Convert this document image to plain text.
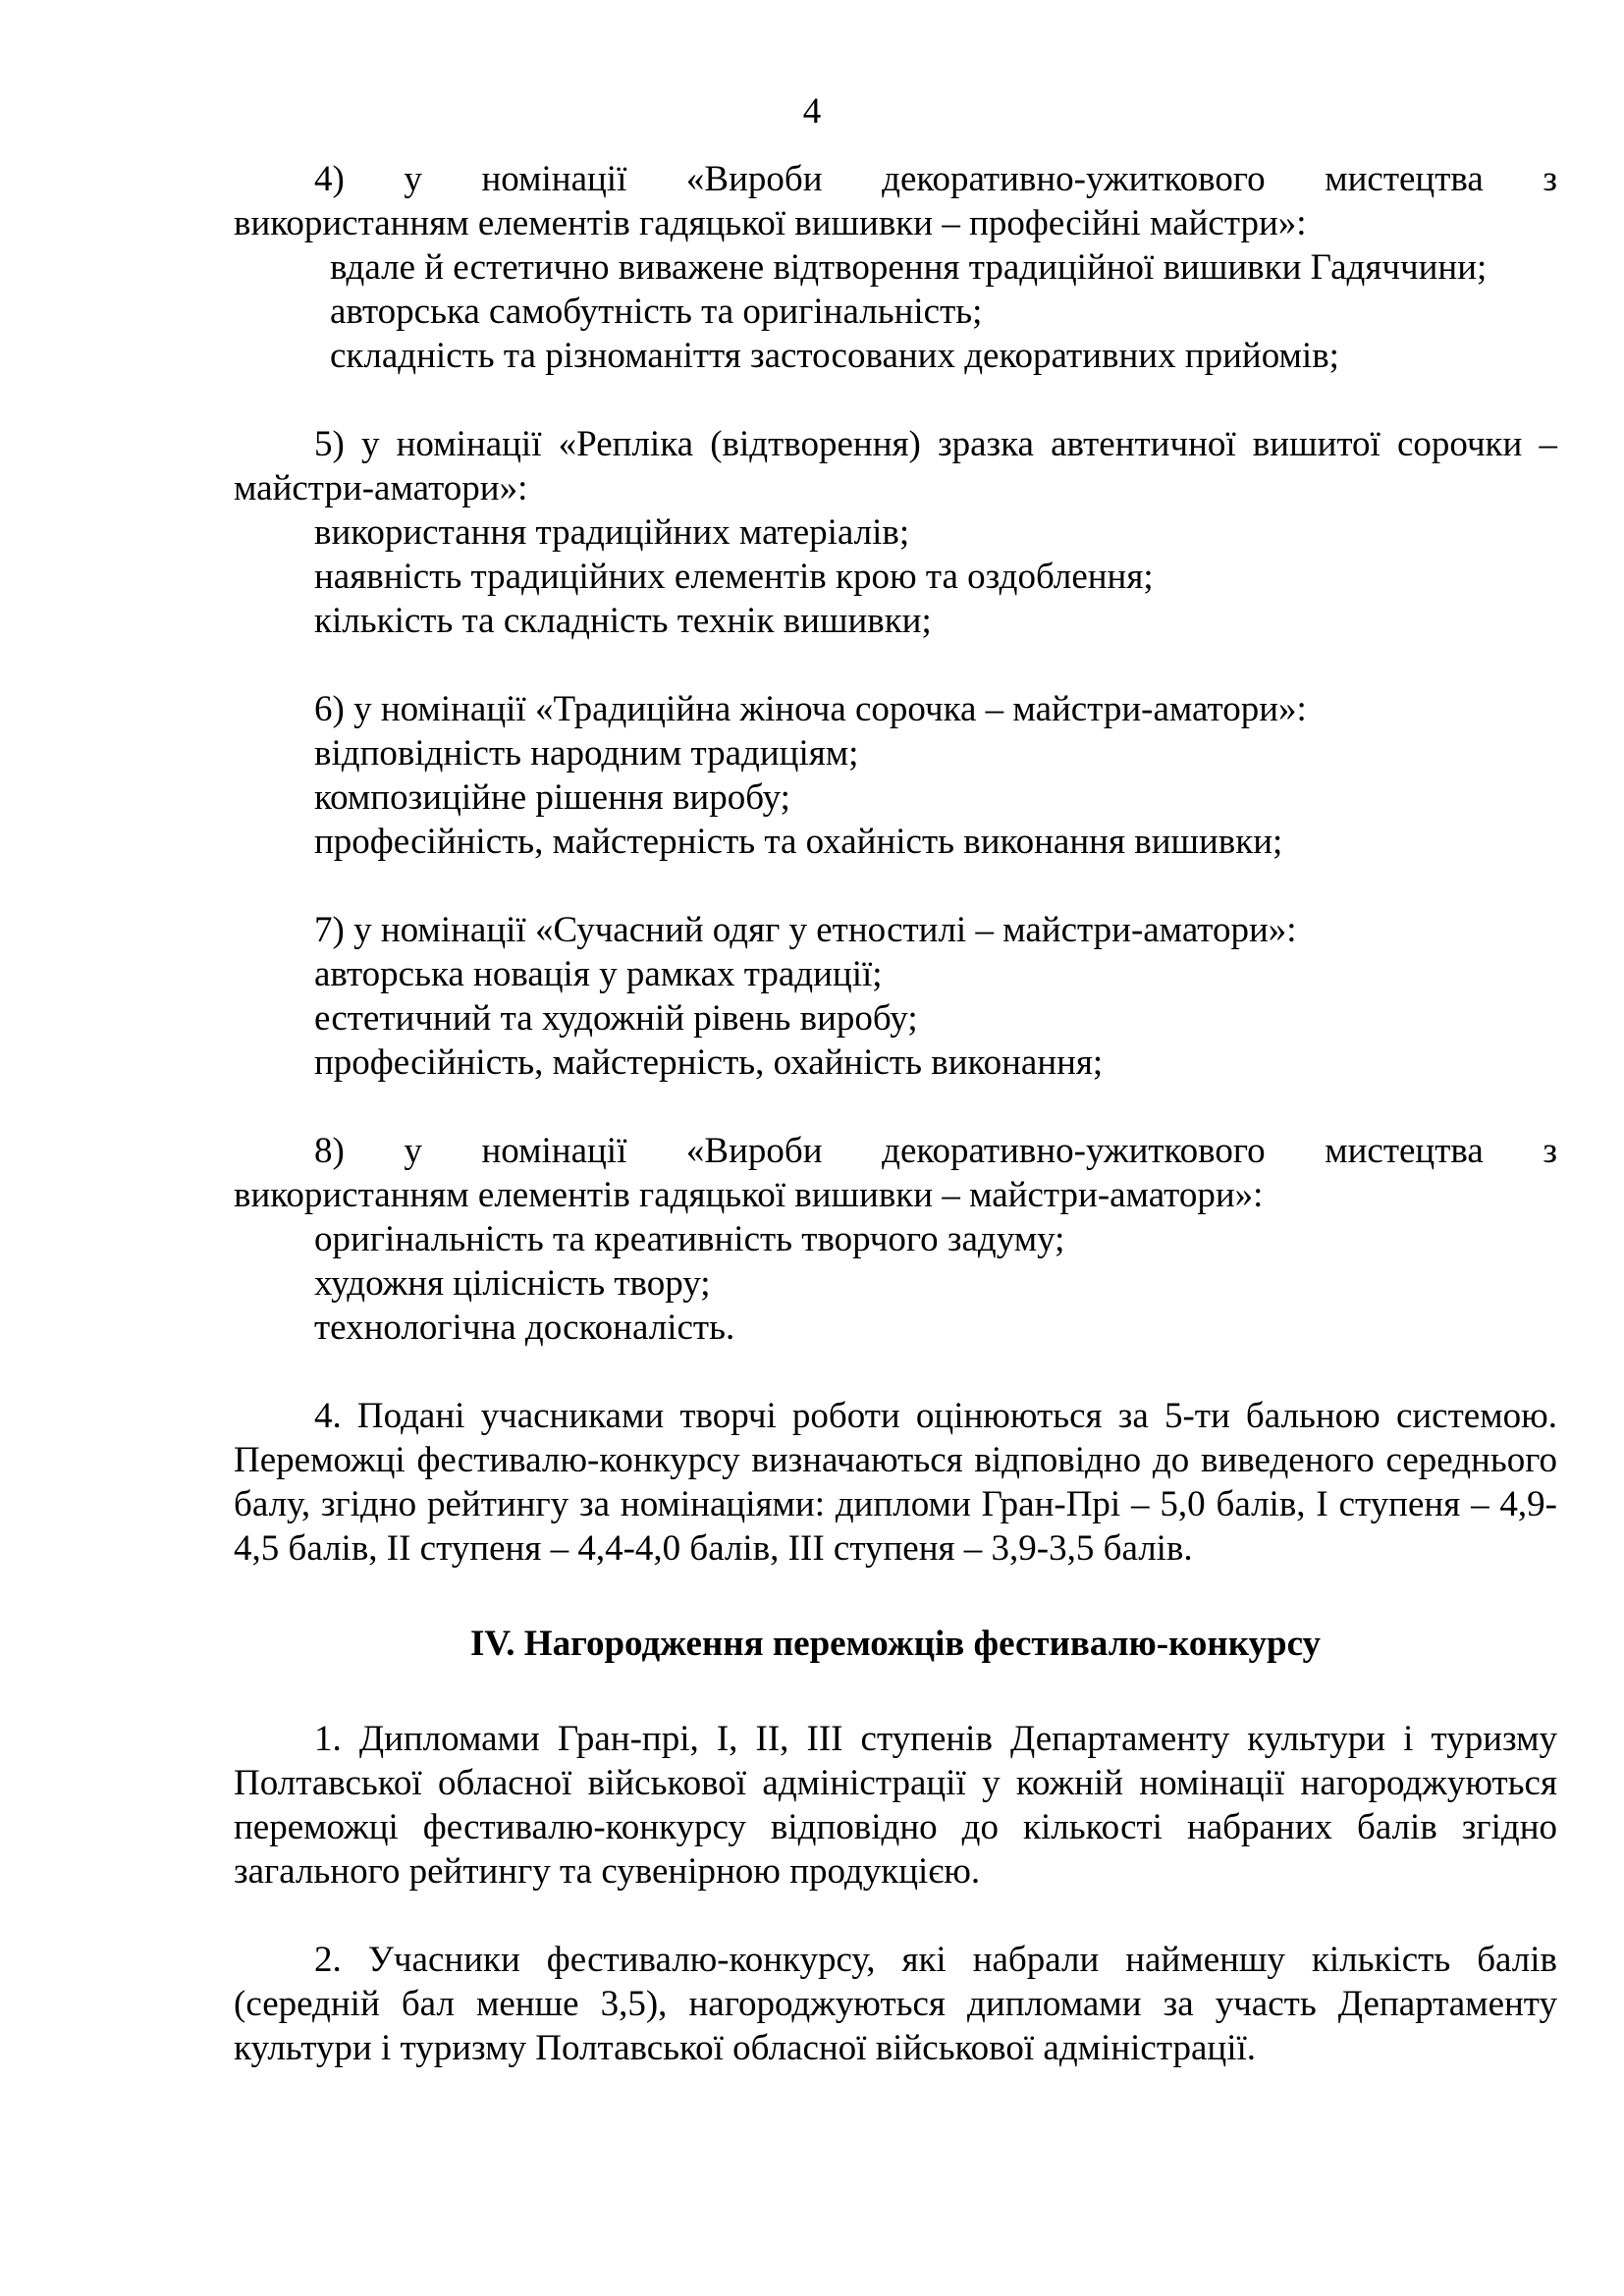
4

4) у номінації «Вироби декоративно-ужиткового мистецтва з

використанням елементів гадяцької вишивки – професійні майстри»:

вдале й естетично виважене відтворення традиційної вишивки Гадяччини;

авторська самобутність та оригінальність;

складність та різноманіття застосованих декоративних прийомів;

5) у номінації «Репліка (відтворення) зразка автентичної вишитої сорочки –

майстри-аматори»:

використання традиційних матеріалів;

наявність традиційних елементів крою та оздоблення;

кількість та складність технік вишивки;

6) у номінації «Традиційна жіноча сорочка – майстри-аматори»:

відповідність народним традиціям;

композиційне рішення виробу;

професійність, майстерність та охайність виконання вишивки;

7) у номінації «Сучасний одяг у етностилі – майстри-аматори»:

авторська новація у рамках традиції;

естетичний та художній рівень виробу;

професійність, майстерність, охайність виконання;

8) у номінації «Вироби декоративно-ужиткового мистецтва з

використанням елементів гадяцької вишивки – майстри-аматори»:

оригінальність та креативність творчого задуму;

художня цілісність твору;

технологічна досконалість.

4. Подані учасниками творчі роботи оцінюються за 5-ти бальною системою. Переможці фестивалю-конкурсу визначаються відповідно до виведеного середнього балу, згідно рейтингу за номінаціями: дипломи Гран-Прі – 5,0 балів, І ступеня – 4,9-4,5 балів, ІІ ступеня – 4,4-4,0 балів, ІІІ ступеня – 3,9-3,5 балів.

IV. Нагородження переможців фестивалю-конкурсу

1. Дипломами Гран-прі, І, ІІ, ІІІ ступенів Департаменту культури і туризму Полтавської обласної військової адміністрації у кожній номінації нагороджуються переможці фестивалю-конкурсу відповідно до кількості набраних балів згідно загального рейтингу та сувенірною продукцією.

2. Учасники фестивалю-конкурсу, які набрали найменшу кількість балів (середній бал менше 3,5), нагороджуються дипломами за участь Департаменту культури і туризму Полтавської обласної військової адміністрації.
